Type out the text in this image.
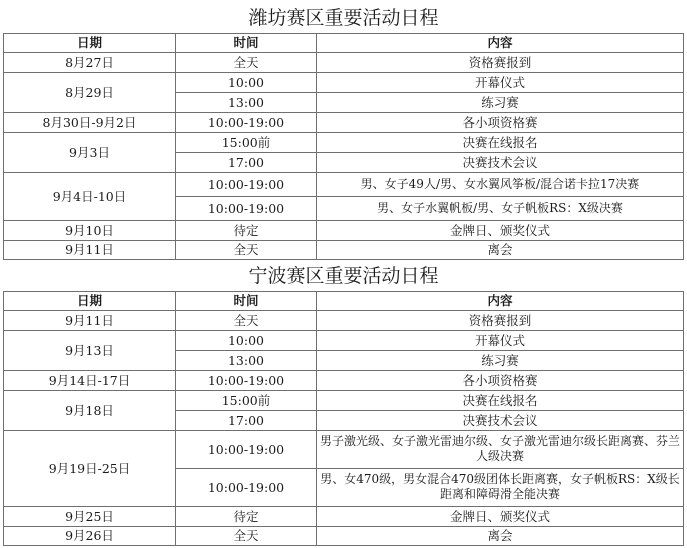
潍坊赛区重要活动日程		
日期	时间	内容
8月27日	全天	资格赛报到
8月29日	10:00	开幕仪式
	13:00	练习赛
8月30日-9月2日	10:00-19:00	各小项资格赛
9月3日	15:00前	决赛在线报名
	17:00	决赛技术会议
9月4日-10日	10:00-19:00	男、女子49人/男、女水翼风筝板/混合诺卡拉17决赛
	10:00-19:00	男、女子水翼帆板/男、女子帆板RS：X级决赛
9月10日	待定	金牌日、颁奖仪式
9月11日	全天	离会
宁波赛区重要活动日程		
日期	时间	内容
9月11日	全天	资格赛报到
9月13日	10:00	开幕仪式
	13:00	练习赛
9月14日-17日	10:00-19:00	各小项资格赛
9月18日	15:00前	决赛在线报名
	17:00	决赛技术会议
9月19日-25日	10:00-19:00	男子激光级、女子激光雷迪尔级、女子激光雷迪尔级长距离赛、芬兰人级决赛
	10:00-19:00	男、女470级，男女混合470级团体长距离赛，女子帆板RS：X级长距离和障碍滑全能决赛
9月25日	待定	金牌日、颁奖仪式
9月26日	全天	离会
